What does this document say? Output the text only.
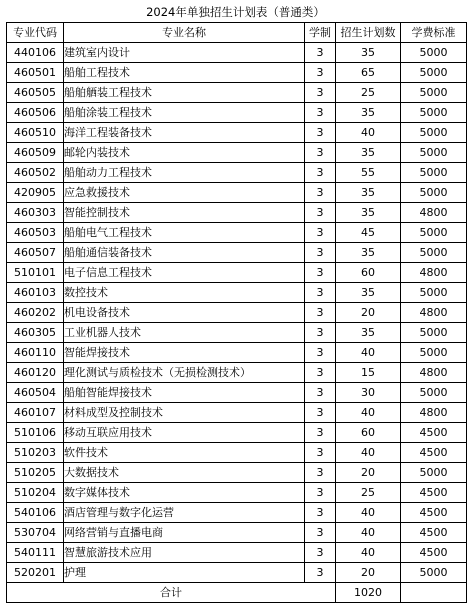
2024年单独招生计划表（普通类）
专业代码	专业名称	学制	招生计划数	学费标准
440106	建筑室内设计	3	35	5000
460501	船舶工程技术	3	65	5000
460505	船舶舾装工程技术	3	25	5000
460506	船舶涂装工程技术	3	35	5000
460510	海洋工程装备技术	3	40	5000
460509	邮轮内装技术	3	35	5000
460502	船舶动力工程技术	3	55	5000
420905	应急救援技术	3	35	5000
460303	智能控制技术	3	35	4800
460503	船舶电气工程技术	3	45	5000
460507	船舶通信装备技术	3	35	5000
510101	电子信息工程技术	3	60	4800
460103	数控技术	3	35	5000
460202	机电设备技术	3	20	4800
460305	工业机器人技术	3	35	5000
460110	智能焊接技术	3	40	5000
460120	理化测试与质检技术（无损检测技术）	3	15	4800
460504	船舶智能焊接技术	3	30	5000
460107	材料成型及控制技术	3	40	4800
510106	移动互联应用技术	3	60	4500
510203	软件技术	3	40	4500
510205	大数据技术	3	20	5000
510204	数字媒体技术	3	25	4500
540106	酒店管理与数字化运营	3	40	4500
530704	网络营销与直播电商	3	40	4500
540111	智慧旅游技术应用	3	40	4500
520201	护理	3	20	5000
合计			1020	
